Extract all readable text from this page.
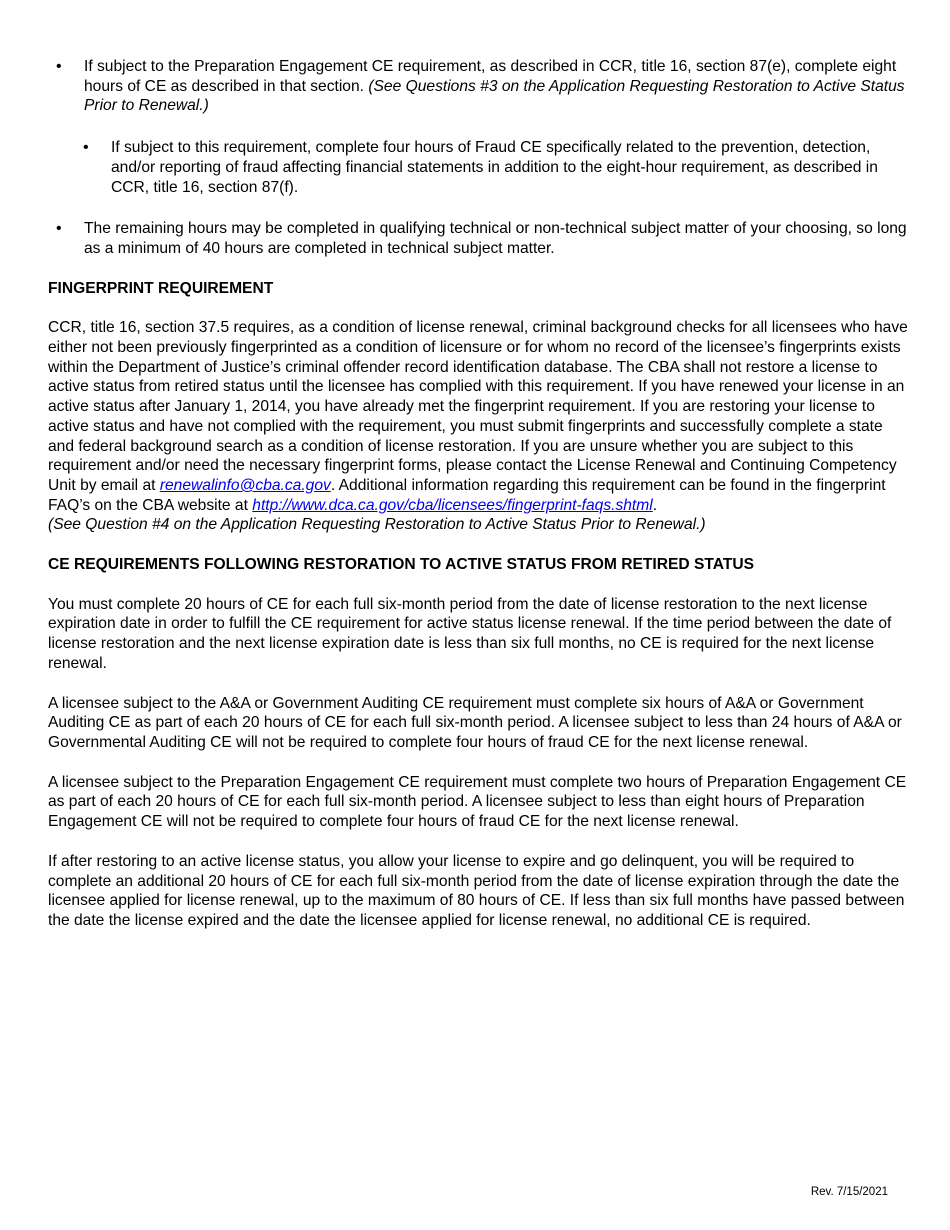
• If subject to the Preparation Engagement CE requirement, as described in CCR, title 16, section 87(e), complete eight hours of CE as described in that section. (See Questions #3 on the Application Requesting Restoration to Active Status Prior to Renewal.)
• If subject to this requirement, complete four hours of Fraud CE specifically related to the prevention, detection, and/or reporting of fraud affecting financial statements in addition to the eight-hour requirement, as described in CCR, title 16, section 87(f).
• The remaining hours may be completed in qualifying technical or non-technical subject matter of your choosing, so long as a minimum of 40 hours are completed in technical subject matter.
FINGERPRINT REQUIREMENT

CCR, title 16, section 37.5 requires, as a condition of license renewal, criminal background checks for all licensees who have either not been previously fingerprinted as a condition of licensure or for whom no record of the licensee’s fingerprints exists within the Department of Justice’s criminal offender record identification database. The CBA shall not restore a license to active status from retired status until the licensee has complied with this requirement. If you have renewed your license in an active status after January 1, 2014, you have already met the fingerprint requirement. If you are restoring your license to active status and have not complied with the requirement, you must submit fingerprints and successfully complete a state and federal background search as a condition of license restoration. If you are unsure whether you are subject to this requirement and/or need the necessary fingerprint forms, please contact the License Renewal and Continuing Competency Unit by email at renewalinfo@cba.ca.gov. Additional information regarding this requirement can be found in the fingerprint FAQ’s on the CBA website at http://www.dca.ca.gov/cba/licensees/fingerprint-faqs.shtml.
(See Question #4 on the Application Requesting Restoration to Active Status Prior to Renewal.)

CE REQUIREMENTS FOLLOWING RESTORATION TO ACTIVE STATUS FROM RETIRED STATUS

You must complete 20 hours of CE for each full six-month period from the date of license restoration to the next license expiration date in order to fulfill the CE requirement for active status license renewal. If the time period between the date of license restoration and the next license expiration date is less than six full months, no CE is required for the next license renewal.

A licensee subject to the A&A or Government Auditing CE requirement must complete six hours of A&A or Government Auditing CE as part of each 20 hours of CE for each full six-month period. A licensee subject to less than 24 hours of A&A or Governmental Auditing CE will not be required to complete four hours of fraud CE for the next license renewal.

A licensee subject to the Preparation Engagement CE requirement must complete two hours of Preparation Engagement CE as part of each 20 hours of CE for each full six-month period. A licensee subject to less than eight hours of Preparation Engagement CE will not be required to complete four hours of fraud CE for the next license renewal.

If after restoring to an active license status, you allow your license to expire and go delinquent, you will be required to complete an additional 20 hours of CE for each full six-month period from the date of license expiration through the date the licensee applied for license renewal, up to the maximum of 80 hours of CE. If less than six full months have passed between the date the license expired and the date the licensee applied for license renewal, no additional CE is required.

Rev. 7/15/2021
